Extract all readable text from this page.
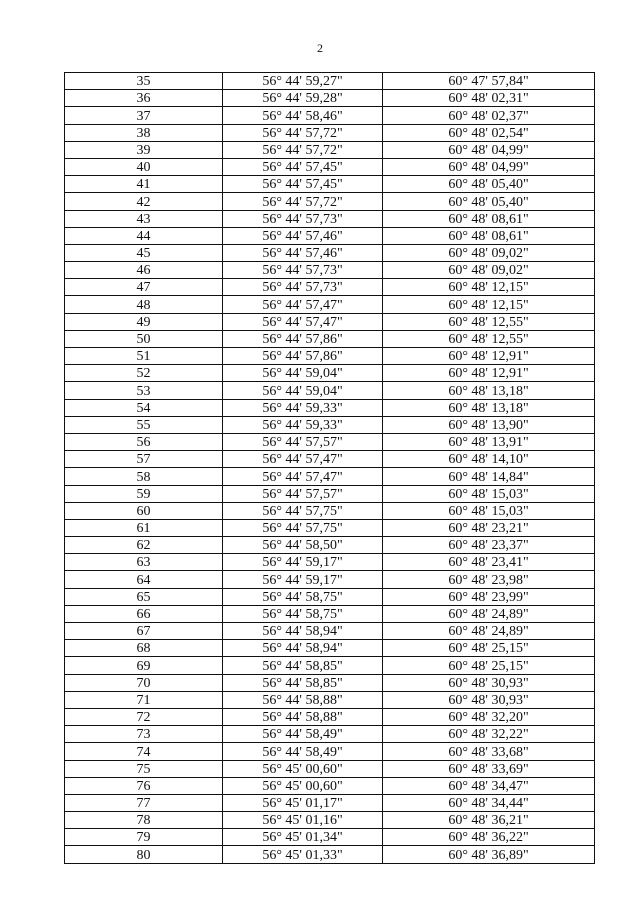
2
35	56° 44' 59,27"	60° 47' 57,84"
36	56° 44' 59,28"	60° 48' 02,31"
37	56° 44' 58,46"	60° 48' 02,37"
38	56° 44' 57,72"	60° 48' 02,54"
39	56° 44' 57,72"	60° 48' 04,99"
40	56° 44' 57,45"	60° 48' 04,99"
41	56° 44' 57,45"	60° 48' 05,40"
42	56° 44' 57,72"	60° 48' 05,40"
43	56° 44' 57,73"	60° 48' 08,61"
44	56° 44' 57,46"	60° 48' 08,61"
45	56° 44' 57,46"	60° 48' 09,02"
46	56° 44' 57,73"	60° 48' 09,02"
47	56° 44' 57,73"	60° 48' 12,15"
48	56° 44' 57,47"	60° 48' 12,15"
49	56° 44' 57,47"	60° 48' 12,55"
50	56° 44' 57,86"	60° 48' 12,55"
51	56° 44' 57,86"	60° 48' 12,91"
52	56° 44' 59,04"	60° 48' 12,91"
53	56° 44' 59,04"	60° 48' 13,18"
54	56° 44' 59,33"	60° 48' 13,18"
55	56° 44' 59,33"	60° 48' 13,90"
56	56° 44' 57,57"	60° 48' 13,91"
57	56° 44' 57,47"	60° 48' 14,10"
58	56° 44' 57,47"	60° 48' 14,84"
59	56° 44' 57,57"	60° 48' 15,03"
60	56° 44' 57,75"	60° 48' 15,03"
61	56° 44' 57,75"	60° 48' 23,21"
62	56° 44' 58,50"	60° 48' 23,37"
63	56° 44' 59,17"	60° 48' 23,41"
64	56° 44' 59,17"	60° 48' 23,98"
65	56° 44' 58,75"	60° 48' 23,99"
66	56° 44' 58,75"	60° 48' 24,89"
67	56° 44' 58,94"	60° 48' 24,89"
68	56° 44' 58,94"	60° 48' 25,15"
69	56° 44' 58,85"	60° 48' 25,15"
70	56° 44' 58,85"	60° 48' 30,93"
71	56° 44' 58,88"	60° 48' 30,93"
72	56° 44' 58,88"	60° 48' 32,20"
73	56° 44' 58,49"	60° 48' 32,22"
74	56° 44' 58,49"	60° 48' 33,68"
75	56° 45' 00,60"	60° 48' 33,69"
76	56° 45' 00,60"	60° 48' 34,47"
77	56° 45' 01,17"	60° 48' 34,44"
78	56° 45' 01,16"	60° 48' 36,21"
79	56° 45' 01,34"	60° 48' 36,22"
80	56° 45' 01,33"	60° 48' 36,89"
